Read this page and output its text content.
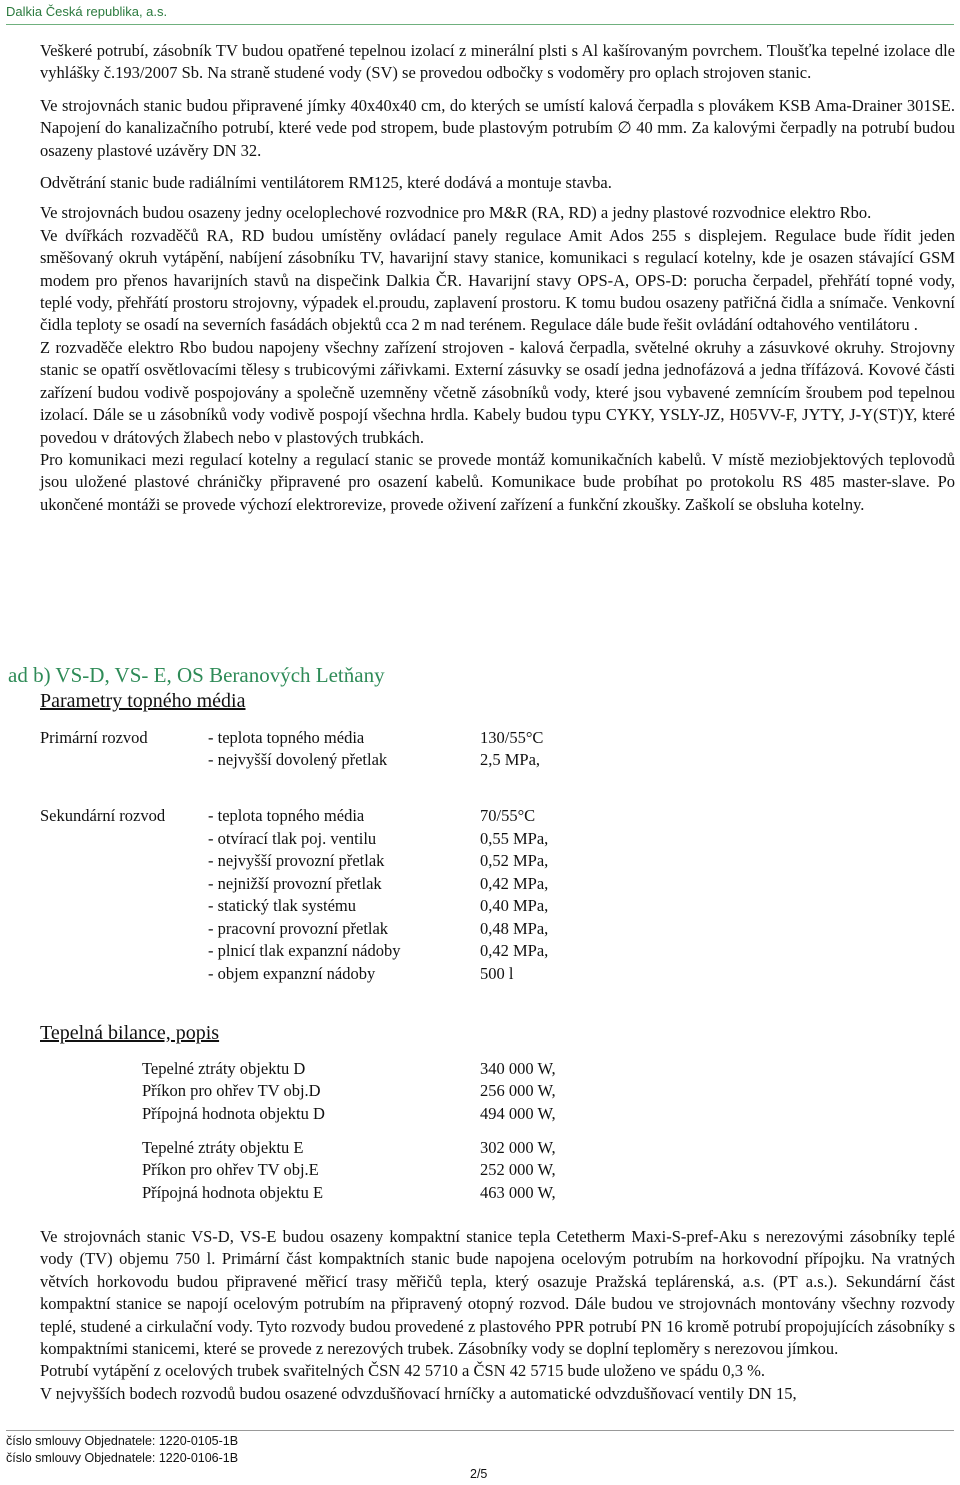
Dalkia Česká republika, a.s.

Veškeré potrubí, zásobník TV budou opatřené tepelnou izolací z minerální plsti s Al kašírovaným povrchem. Tloušťka tepelné izolace dle vyhlášky č.193/2007 Sb. Na straně studené vody (SV) se provedou odbočky s vodoměry pro oplach strojoven stanic.

Ve strojovnách stanic budou připravené jímky 40x40x40 cm, do kterých se umístí kalová čerpadla s plovákem KSB Ama-Drainer 301SE. Napojení do kanalizačního potrubí, které vede pod stropem, bude plastovým potrubím ∅ 40 mm. Za kalovými čerpadly na potrubí budou osazeny plastové uzávěry DN 32.

Odvětrání stanic bude radiálními ventilátorem RM125, které dodává a montuje stavba.

Ve strojovnách budou osazeny jedny oceloplechové rozvodnice pro M&R (RA, RD) a jedny plastové rozvodnice elektro Rbo.

Ve dvířkách rozvaděčů RA, RD budou umístěny ovládací panely regulace Amit Ados 255 s displejem. Regulace bude řídit jeden směšovaný okruh vytápění, nabíjení zásobníku TV, havarijní stavy stanice, komunikaci s regulací kotelny, kde je osazen stávající GSM modem pro přenos havarijních stavů na dispečink Dalkia ČR. Havarijní stavy OPS-A, OPS-D: porucha čerpadel, přehřátí topné vody, teplé vody, přehřátí prostoru strojovny, výpadek el.proudu, zaplavení prostoru. K tomu budou osazeny patřičná čidla a snímače. Venkovní čidla teploty se osadí na severních fasádách objektů cca 2 m nad terénem. Regulace dále bude řešit ovládání odtahového ventilátoru .

Z rozvaděče elektro Rbo budou napojeny všechny zařízení strojoven - kalová čerpadla, světelné okruhy a zásuvkové okruhy. Strojovny stanic se opatří osvětlovacími tělesy s trubicovými zářivkami. Externí zásuvky se osadí jedna jednofázová a jedna třífázová. Kovové části zařízení budou vodivě pospojovány a společně uzemněny včetně zásobníků vody, které jsou vybavené zemnícím šroubem pod tepelnou izolací. Dále se u zásobníků vody vodivě pospojí všechna hrdla. Kabely budou typu CYKY, YSLY-JZ, H05VV-F, JYTY, J-Y(ST)Y, které povedou v drátových žlabech nebo v plastových trubkách.

Pro komunikaci mezi regulací kotelny a regulací stanic se provede montáž komunikačních kabelů. V místě meziobjektových teplovodů jsou uložené plastové chráničky připravené pro osazení kabelů. Komunikace bude probíhat po protokolu RS 485 master-slave. Po ukončené montáži se provede výchozí elektrorevize, provede oživení zařízení a funkční zkoušky. Zaškolí se obsluha kotelny.

ad b) VS-D, VS- E, OS Beranových Letňany
Parametry topného média
Primární rozvod	- teplota topného média	130/55°C
- nejvyšší dovolený přetlak	2,5 MPa,
Sekundární rozvod	- teplota topného média	70/55°C
- otvírací tlak poj. ventilu	0,55 MPa,
- nejvyšší provozní přetlak	0,52 MPa,
- nejnižší provozní přetlak	0,42 MPa,
- statický tlak systému	0,40 MPa,
- pracovní provozní přetlak	0,48 MPa,
- plnicí tlak expanzní nádoby	0,42 MPa,
- objem expanzní nádoby	500 l
Tepelná bilance, popis
Tepelné ztráty objektu D	340 000 W,
Příkon pro ohřev TV obj.D	256 000 W,
Přípojná hodnota objektu D	494 000 W,
Tepelné ztráty objektu E	302 000 W,
Příkon pro ohřev TV obj.E	252 000 W,
Přípojná hodnota objektu E	463 000 W,

Ve strojovnách stanic VS-D, VS-E budou osazeny kompaktní stanice tepla Cetetherm Maxi-S-pref-Aku s nerezovými zásobníky teplé vody (TV) objemu 750 l. Primární část kompaktních stanic bude napojena ocelovým potrubím na horkovodní přípojku. Na vratných větvích horkovodu budou připravené měřicí trasy měřičů tepla, který osazuje Pražská teplárenská, a.s. (PT a.s.). Sekundární část kompaktní stanice se napojí ocelovým potrubím na připravený otopný rozvod. Dále budou ve strojovnách montovány všechny rozvody teplé, studené a cirkulační vody. Tyto rozvody budou provedené z plastového PPR potrubí PN 16 kromě potrubí propojujících zásobníky s kompaktními stanicemi, které se provede z nerezových trubek. Zásobníky vody se doplní teploměry s nerezovou jímkou.

Potrubí vytápění z ocelových trubek svařitelných ČSN 42 5710 a ČSN 42 5715 bude uloženo ve spádu 0,3 %.

V nejvyšších bodech rozvodů budou osazené odvzdušňovací hrníčky a automatické odvzdušňovací ventily DN 15,

číslo smlouvy Objednatele: 1220-0105-1B
číslo smlouvy Objednatele: 1220-0106-1B
2/5
